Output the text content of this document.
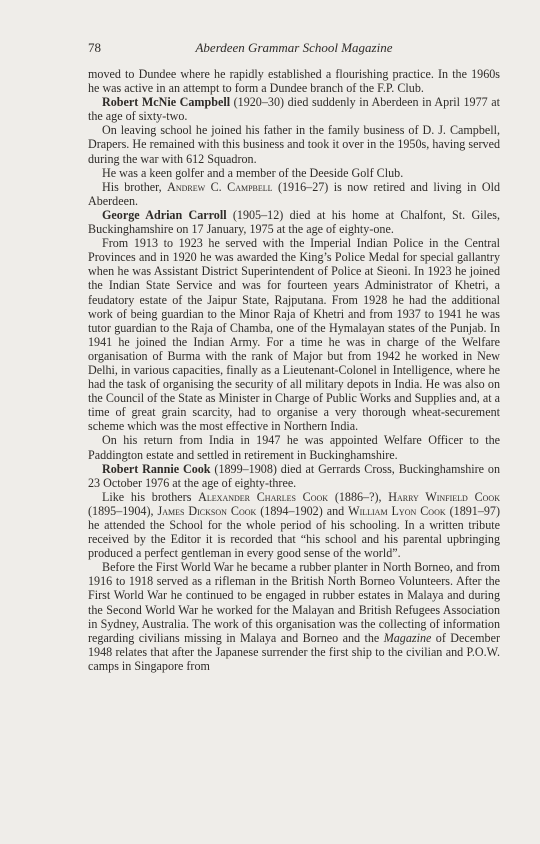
78	Aberdeen Grammar School Magazine

moved to Dundee where he rapidly established a flourishing practice. In the 1960s he was active in an attempt to form a Dundee branch of the F.P. Club.

Robert McNie Campbell (1920–30) died suddenly in Aberdeen in April 1977 at the age of sixty-two.

On leaving school he joined his father in the family business of D. J. Campbell, Drapers. He remained with this business and took it over in the 1950s, having served during the war with 612 Squadron.

He was a keen golfer and a member of the Deeside Golf Club.

His brother, Andrew C. Campbell (1916–27) is now retired and living in Old Aberdeen.

George Adrian Carroll (1905–12) died at his home at Chalfont, St. Giles, Buckinghamshire on 17 January, 1975 at the age of eighty-one.

From 1913 to 1923 he served with the Imperial Indian Police in the Central Provinces and in 1920 he was awarded the King’s Police Medal for special gallantry when he was Assistant District Superintendent of Police at Sieoni. In 1923 he joined the Indian State Service and was for fourteen years Administrator of Khetri, a feudatory estate of the Jaipur State, Rajputana. From 1928 he had the additional work of being guardian to the Minor Raja of Khetri and from 1937 to 1941 he was tutor guardian to the Raja of Chamba, one of the Hymalayan states of the Punjab. In 1941 he joined the Indian Army. For a time he was in charge of the Welfare organisation of Burma with the rank of Major but from 1942 he worked in New Delhi, in various capacities, finally as a Lieutenant-Colonel in Intelligence, where he had the task of organising the security of all military depots in India. He was also on the Council of the State as Minister in Charge of Public Works and Supplies and, at a time of great grain scarcity, had to organise a very thorough wheat-securement scheme which was the most effective in Northern India.

On his return from India in 1947 he was appointed Welfare Officer to the Paddington estate and settled in retirement in Buckinghamshire.

Robert Rannie Cook (1899–1908) died at Gerrards Cross, Buckinghamshire on 23 October 1976 at the age of eighty-three.

Like his brothers Alexander Charles Cook (1886–?), Harry Winfield Cook (1895–1904), James Dickson Cook (1894–1902) and William Lyon Cook (1891–97) he attended the School for the whole period of his schooling. In a written tribute received by the Editor it is recorded that “his school and his parental upbringing produced a perfect gentleman in every good sense of the world”.

Before the First World War he became a rubber planter in North Borneo, and from 1916 to 1918 served as a rifleman in the British North Borneo Volunteers. After the First World War he continued to be engaged in rubber estates in Malaya and during the Second World War he worked for the Malayan and British Refugees Association in Sydney, Australia. The work of this organisation was the collecting of information regarding civilians missing in Malaya and Borneo and the Magazine of December 1948 relates that after the Japanese surrender the first ship to the civilian and P.O.W. camps in Singapore from
